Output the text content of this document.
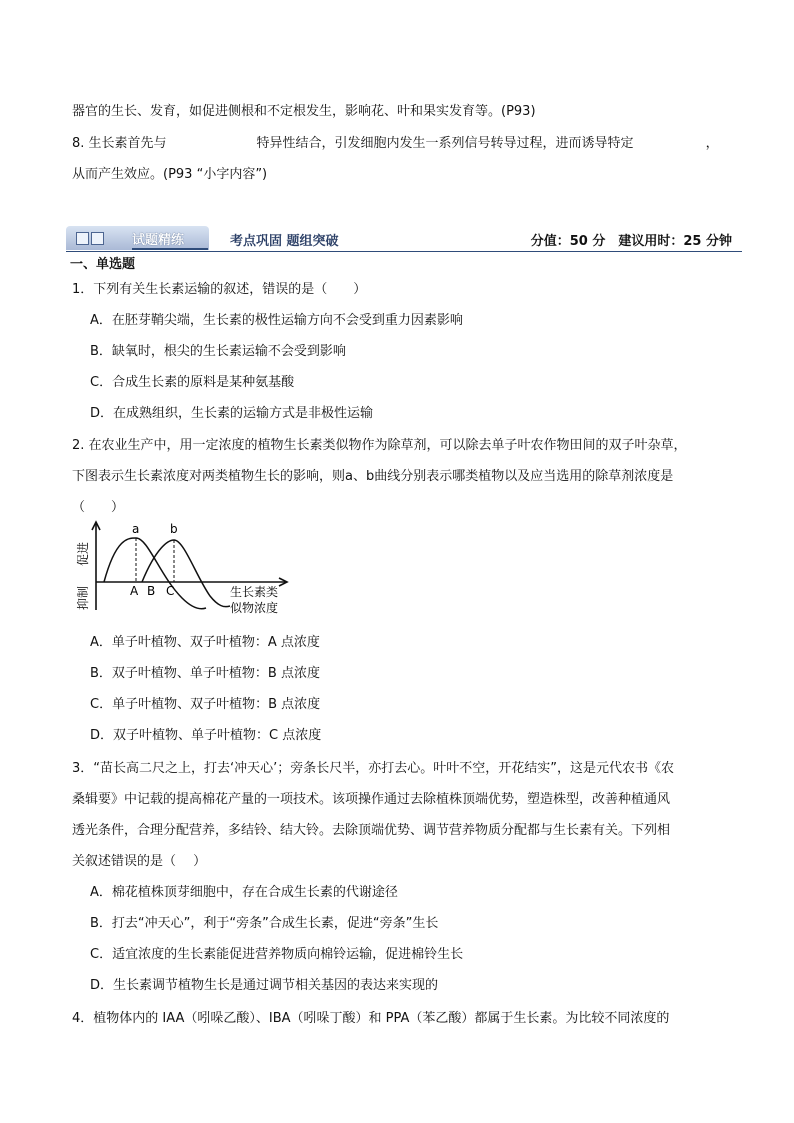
器官的生长、发育，如促进侧根和不定根发生，影响花、叶和果实发育等。(P93)
8. 生长素首先与	特异性结合，引发细胞内发生一系列信号转导过程，进而诱导特定	，
从而产生效应。(P93 “小字内容”)
试题精练	考点巩固 题组突破	分值：50 分　建议用时：25 分钟
一、单选题
1．下列有关生长素运输的叙述，错误的是（　　）
A．在胚芽鞘尖端，生长素的极性运输方向不会受到重力因素影响
B．缺氧时，根尖的生长素运输不会受到影响
C．合成生长素的原料是某种氨基酸
D．在成熟组织，生长素的运输方式是非极性运输
2. 在农业生产中，用一定浓度的植物生长素类似物作为除草剂，可以除去单子叶农作物田间的双子叶杂草，
下图表示生长素浓度对两类植物生长的影响，则a、b曲线分别表示哪类植物以及应当选用的除草剂浓度是
（　　）
a	b
A B C	生长素类
似物浓度
促进
抑制
A．单子叶植物、双子叶植物：A 点浓度
B．双子叶植物、单子叶植物：B 点浓度
C．单子叶植物、双子叶植物：B 点浓度
D．双子叶植物、单子叶植物：C 点浓度
3．“苗长高二尺之上，打去‘冲天心’；旁条长尺半，亦打去心。叶叶不空，开花结实”，这是元代农书《农
桑辑要》中记载的提高棉花产量的一项技术。该项操作通过去除植株顶端优势，塑造株型，改善种植通风
透光条件，合理分配营养，多结铃、结大铃。去除顶端优势、调节营养物质分配都与生长素有关。下列相
关叙述错误的是（　 ）
A．棉花植株顶芽细胞中，存在合成生长素的代谢途径
B．打去“冲天心”，利于“旁条”合成生长素，促进“旁条”生长
C．适宜浓度的生长素能促进营养物质向棉铃运输，促进棉铃生长
D．生长素调节植物生长是通过调节相关基因的表达来实现的
4．植物体内的 IAA（吲哚乙酸）、IBA（吲哚丁酸）和 PPA（苯乙酸）都属于生长素。为比较不同浓度的
